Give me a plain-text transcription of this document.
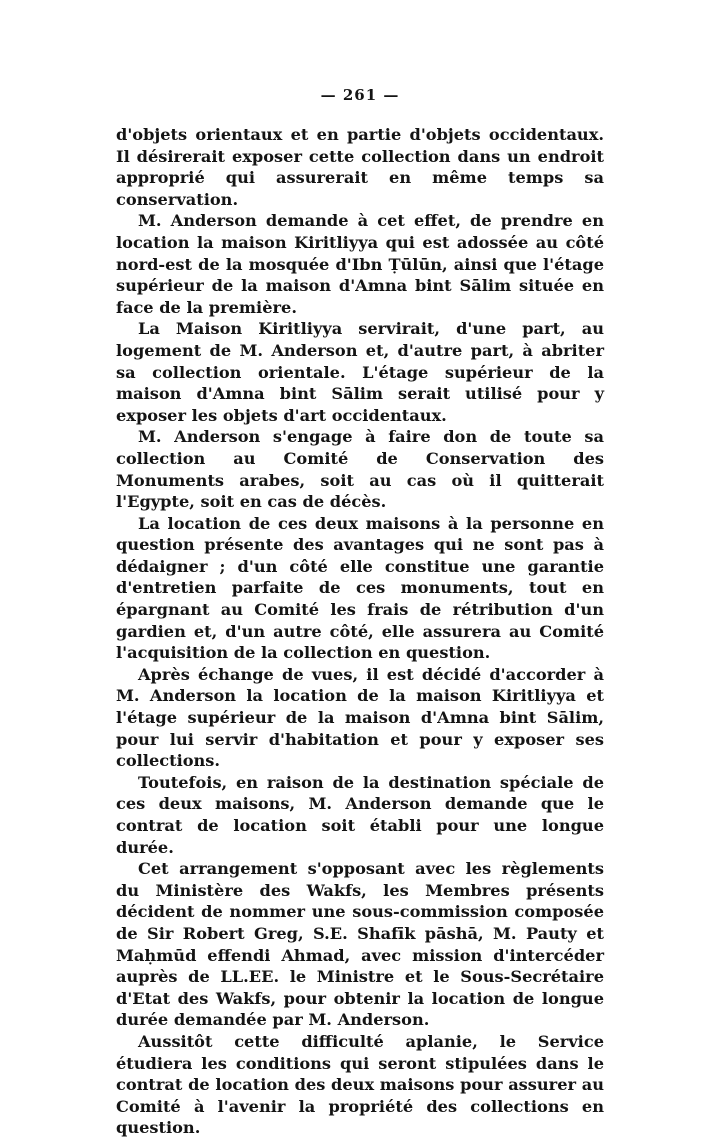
— 261 —

d'objets orientaux et en partie d'objets occidentaux. Il désirerait exposer cette collection dans un endroit approprié qui assurerait en même temps sa conservation.

M. Anderson demande à cet effet, de prendre en location la maison Kiritliyya qui est adossée au côté nord-est de la mosquée d'Ibn Ṭūlūn, ainsi que l'étage supérieur de la maison d'Amna bint Sālim située en face de la première.

La Maison Kiritliyya servirait, d'une part, au logement de M. Anderson et, d'autre part, à abriter sa collection orientale. L'étage supérieur de la maison d'Amna bint Sālim serait utilisé pour y exposer les objets d'art occidentaux.

M. Anderson s'engage à faire don de toute sa collection au Comité de Conservation des Monuments arabes, soit au cas où il quitterait l'Egypte, soit en cas de décès.

La location de ces deux maisons à la personne en question présente des avantages qui ne sont pas à dédaigner ; d'un côté elle constitue une garantie d'entretien parfaite de ces monuments, tout en épargnant au Comité les frais de rétribution d'un gardien et, d'un autre côté, elle assurera au Comité l'acquisition de la collection en question.

Après échange de vues, il est décidé d'accorder à M. Anderson la location de la maison Kiritliyya et l'étage supérieur de la maison d'Amna bint Sālim, pour lui servir d'habitation et pour y exposer ses collections.

Toutefois, en raison de la destination spéciale de ces deux maisons, M. Anderson demande que le contrat de location soit établi pour une longue durée.

Cet arrangement s'opposant avec les règlements du Ministère des Wakfs, les Membres présents décident de nommer une sous-commission composée de Sir Robert Greg, S.E. Shafīk pāshā, M. Pauty et Maḥmūd effendi Ahmad, avec mission d'intercéder auprès de LL.EE. le Ministre et le Sous-Secrétaire d'Etat des Wakfs, pour obtenir la location de longue durée demandée par M. Anderson.

Aussitôt cette difficulté aplanie, le Service étudiera les conditions qui seront stipulées dans le contrat de location des deux maisons pour assurer au Comité à l'avenir la propriété des collections en question.
